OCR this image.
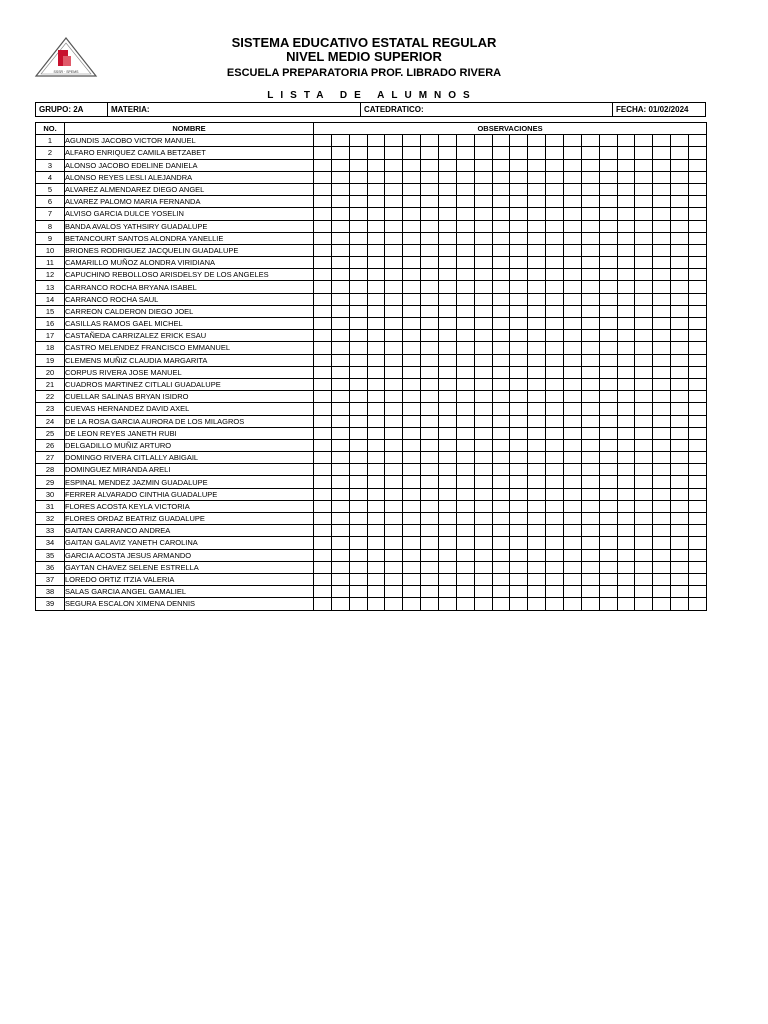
SSSR · SPEMS
SISTEMA EDUCATIVO ESTATAL REGULAR
NIVEL MEDIO SUPERIOR
ESCUELA PREPARATORIA PROF. LIBRADO RIVERA
LISTA DE ALUMNOS
GRUPO: 2A	MATERIA:	CATEDRATICO:	FECHA: 01/02/2024
NO.	NOMBRE	OBSERVACIONES																					
1	AGUNDIS JACOBO VICTOR MANUEL																						
2	ALFARO ENRIQUEZ CAMILA BETZABET																						
3	ALONSO JACOBO EDELINE DANIELA																						
4	ALONSO REYES LESLI ALEJANDRA																						
5	ALVAREZ ALMENDAREZ DIEGO ANGEL																						
6	ALVAREZ PALOMO MARIA FERNANDA																						
7	ALVISO GARCIA DULCE YOSELIN																						
8	BANDA AVALOS YATHSIRY GUADALUPE																						
9	BETANCOURT SANTOS ALONDRA YANELLIE																						
10	BRIONES RODRIGUEZ JACQUELIN GUADALUPE																						
11	CAMARILLO MUÑOZ ALONDRA VIRIDIANA																						
12	CAPUCHINO REBOLLOSO ARISDELSY DE LOS ANGELES																						
13	CARRANCO ROCHA BRYANA ISABEL																						
14	CARRANCO ROCHA SAUL																						
15	CARREON CALDERON DIEGO JOEL																						
16	CASILLAS RAMOS GAEL MICHEL																						
17	CASTAÑEDA CARRIZALEZ ERICK ESAU																						
18	CASTRO MELENDEZ FRANCISCO EMMANUEL																						
19	CLEMENS MUÑIZ CLAUDIA MARGARITA																						
20	CORPUS RIVERA JOSE MANUEL																						
21	CUADROS MARTINEZ CITLALI GUADALUPE																						
22	CUELLAR SALINAS BRYAN ISIDRO																						
23	CUEVAS HERNANDEZ DAVID AXEL																						
24	DE LA ROSA GARCIA AURORA DE LOS MILAGROS																						
25	DE LEON REYES JANETH RUBI																						
26	DELGADILLO MUÑIZ ARTURO																						
27	DOMINGO RIVERA CITLALLY ABIGAIL																						
28	DOMINGUEZ MIRANDA ARELI																						
29	ESPINAL MENDEZ JAZMIN GUADALUPE																						
30	FERRER ALVARADO CINTHIA GUADALUPE																						
31	FLORES ACOSTA KEYLA VICTORIA																						
32	FLORES ORDAZ BEATRIZ GUADALUPE																						
33	GAITAN CARRANCO ANDREA																						
34	GAITAN GALAVIZ YANETH CAROLINA																						
35	GARCIA ACOSTA JESUS ARMANDO																						
36	GAYTAN CHAVEZ SELENE ESTRELLA																						
37	LOREDO ORTIZ ITZIA VALERIA																						
38	SALAS GARCIA ANGEL GAMALIEL																						
39	SEGURA ESCALON XIMENA DENNIS																						
